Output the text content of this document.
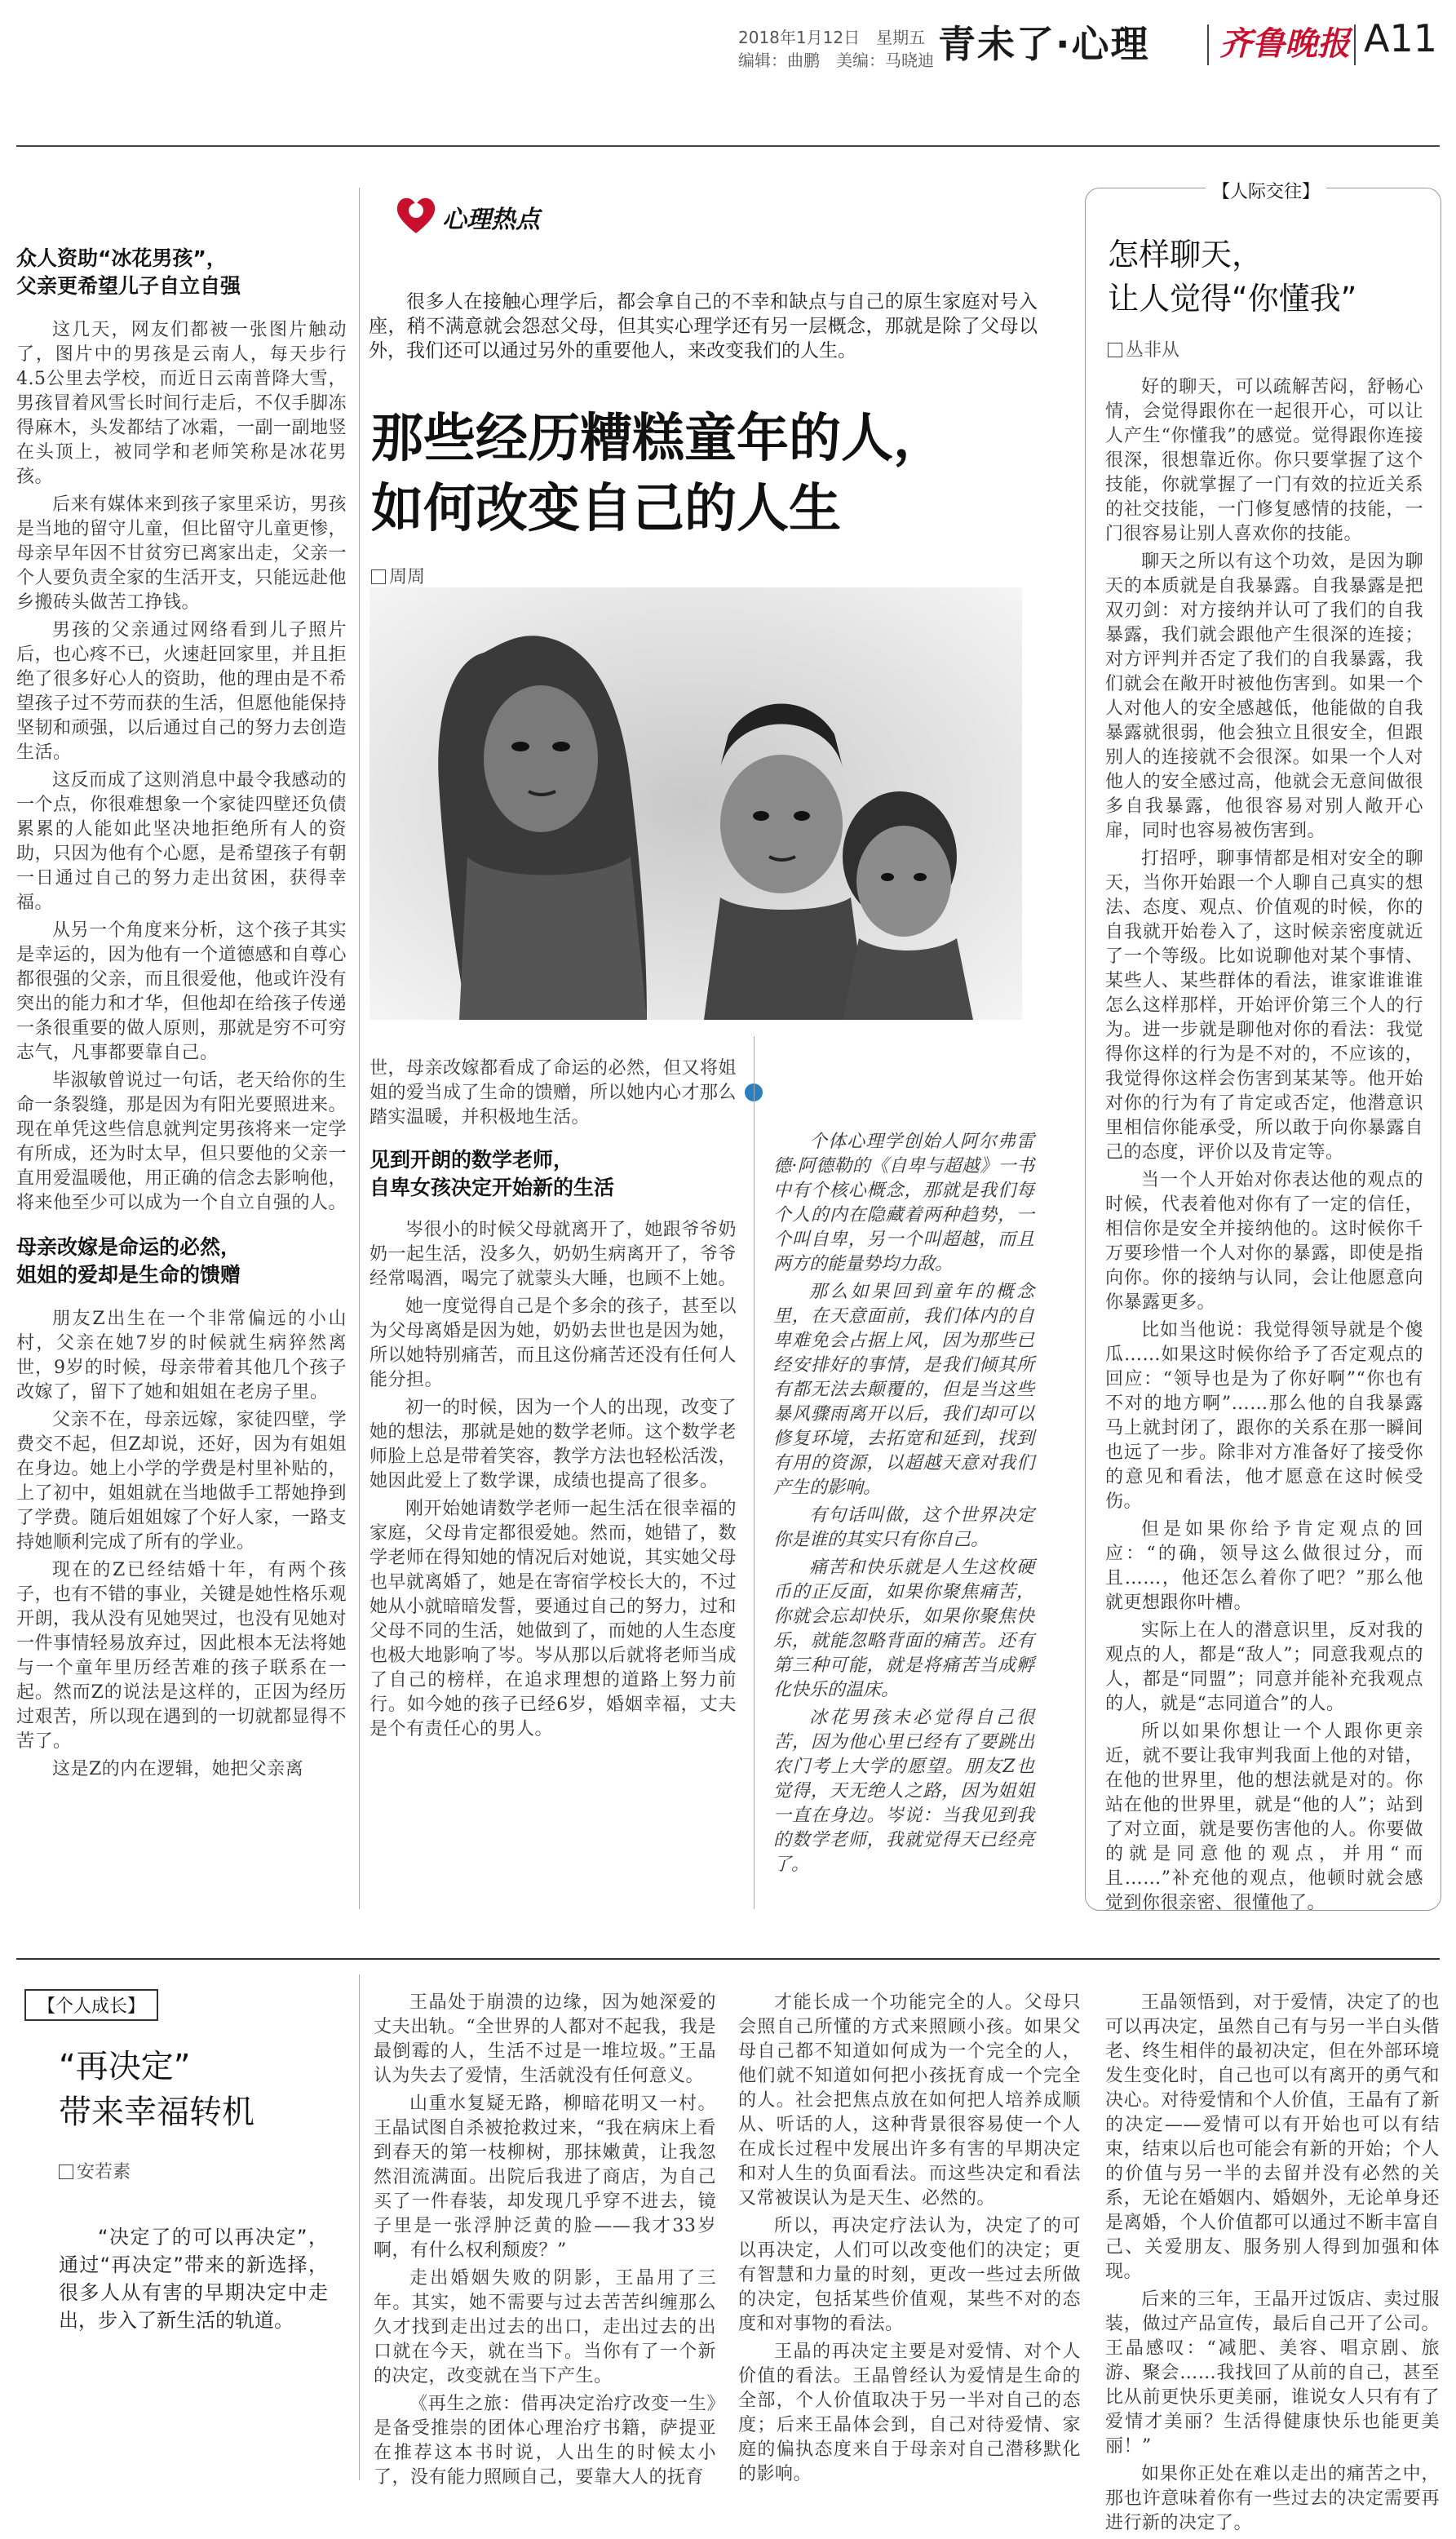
2018年1月12日　星期五
编辑：曲鹏　美编：马晓迪 青未了·心理 齐鲁晚报 A11
众人资助“冰花男孩”，
父亲更希望儿子自立自强

这几天，网友们都被一张图片触动了，图片中的男孩是云南人，每天步行4.5公里去学校，而近日云南普降大雪，男孩冒着风雪长时间行走后，不仅手脚冻得麻木，头发都结了冰霜，一副一副地竖在头顶上，被同学和老师笑称是冰花男孩。

后来有媒体来到孩子家里采访，男孩是当地的留守儿童，但比留守儿童更惨，母亲早年因不甘贫穷已离家出走，父亲一个人要负责全家的生活开支，只能远赴他乡搬砖头做苦工挣钱。

男孩的父亲通过网络看到儿子照片后，也心疼不已，火速赶回家里，并且拒绝了很多好心人的资助，他的理由是不希望孩子过不劳而获的生活，但愿他能保持坚韧和顽强，以后通过自己的努力去创造生活。

这反而成了这则消息中最令我感动的一个点，你很难想象一个家徒四壁还负债累累的人能如此坚决地拒绝所有人的资助，只因为他有个心愿，是希望孩子有朝一日通过自己的努力走出贫困，获得幸福。

从另一个角度来分析，这个孩子其实是幸运的，因为他有一个道德感和自尊心都很强的父亲，而且很爱他，他或许没有突出的能力和才华，但他却在给孩子传递一条很重要的做人原则，那就是穷不可穷志气，凡事都要靠自己。

毕淑敏曾说过一句话，老天给你的生命一条裂缝，那是因为有阳光要照进来。现在单凭这些信息就判定男孩将来一定学有所成，还为时太早，但只要他的父亲一直用爱温暖他，用正确的信念去影响他，将来他至少可以成为一个自立自强的人。

母亲改嫁是命运的必然，
姐姐的爱却是生命的馈赠

朋友Z出生在一个非常偏远的小山村，父亲在她7岁的时候就生病猝然离世，9岁的时候，母亲带着其他几个孩子改嫁了，留下了她和姐姐在老房子里。

父亲不在，母亲远嫁，家徒四壁，学费交不起，但Z却说，还好，因为有姐姐在身边。她上小学的学费是村里补贴的，上了初中，姐姐就在当地做手工帮她挣到了学费。随后姐姐嫁了个好人家，一路支持她顺利完成了所有的学业。

现在的Z已经结婚十年，有两个孩子，也有不错的事业，关键是她性格乐观开朗，我从没有见她哭过，也没有见她对一件事情轻易放弃过，因此根本无法将她与一个童年里历经苦难的孩子联系在一起。然而Z的说法是这样的，正因为经历过艰苦，所以现在遇到的一切就都显得不苦了。

这是Z的内在逻辑，她把父亲离

心理热点
很多人在接触心理学后，都会拿自己的不幸和缺点与自己的原生家庭对号入座，稍不满意就会怨怼父母，但其实心理学还有另一层概念，那就是除了父母以外，我们还可以通过另外的重要他人，来改变我们的人生。
那些经历糟糕童年的人，
如何改变自己的人生
周周
世，母亲改嫁都看成了命运的必然，但又将姐姐的爱当成了生命的馈赠，所以她内心才那么踏实温暖，并积极地生活。
见到开朗的数学老师，
自卑女孩决定开始新的生活

岑很小的时候父母就离开了，她跟爷爷奶奶一起生活，没多久，奶奶生病离开了，爷爷经常喝酒，喝完了就蒙头大睡，也顾不上她。

她一度觉得自己是个多余的孩子，甚至以为父母离婚是因为她，奶奶去世也是因为她，所以她特别痛苦，而且这份痛苦还没有任何人能分担。

初一的时候，因为一个人的出现，改变了她的想法，那就是她的数学老师。这个数学老师脸上总是带着笑容，教学方法也轻松活泼，她因此爱上了数学课，成绩也提高了很多。

刚开始她请数学老师一起生活在很幸福的家庭，父母肯定都很爱她。然而，她错了，数学老师在得知她的情况后对她说，其实她父母也早就离婚了，她是在寄宿学校长大的，不过她从小就暗暗发誓，要通过自己的努力，过和父母不同的生活，她做到了，而她的人生态度也极大地影响了岑。岑从那以后就将老师当成了自己的榜样，在追求理想的道路上努力前行。如今她的孩子已经6岁，婚姻幸福，丈夫是个有责任心的男人。

个体心理学创始人阿尔弗雷德·阿德勒的《自卑与超越》一书中有个核心概念，那就是我们每个人的内在隐藏着两种趋势，一个叫自卑，另一个叫超越，而且两方的能量势均力敌。

那么如果回到童年的概念里，在天意面前，我们体内的自卑难免会占据上风，因为那些已经安排好的事情，是我们倾其所有都无法去颠覆的，但是当这些暴风骤雨离开以后，我们却可以修复环境，去拓宽和延到，找到有用的资源，以超越天意对我们产生的影响。

有句话叫做，这个世界决定你是谁的其实只有你自己。

痛苦和快乐就是人生这枚硬币的正反面，如果你聚焦痛苦，你就会忘却快乐，如果你聚焦快乐，就能忽略背面的痛苦。还有第三种可能，就是将痛苦当成孵化快乐的温床。

冰花男孩未必觉得自己很苦，因为他心里已经有了要跳出农门考上大学的愿望。朋友Z也觉得，天无绝人之路，因为姐姐一直在身边。岑说：当我见到我的数学老师，我就觉得天已经亮了。

【人际交往】
怎样聊天，
让人觉得“你懂我”
丛非从

好的聊天，可以疏解苦闷，舒畅心情，会觉得跟你在一起很开心，可以让人产生“你懂我”的感觉。觉得跟你连接很深，很想靠近你。你只要掌握了这个技能，你就掌握了一门有效的拉近关系的社交技能，一门修复感情的技能，一门很容易让别人喜欢你的技能。

聊天之所以有这个功效，是因为聊天的本质就是自我暴露。自我暴露是把双刃剑：对方接纳并认可了我们的自我暴露，我们就会跟他产生很深的连接；对方评判并否定了我们的自我暴露，我们就会在敞开时被他伤害到。如果一个人对他人的安全感越低，他能做的自我暴露就很弱，他会独立且很安全，但跟别人的连接就不会很深。如果一个人对他人的安全感过高，他就会无意间做很多自我暴露，他很容易对别人敞开心扉，同时也容易被伤害到。

打招呼，聊事情都是相对安全的聊天，当你开始跟一个人聊自己真实的想法、态度、观点、价值观的时候，你的自我就开始卷入了，这时候亲密度就近了一个等级。比如说聊他对某个事情、某些人、某些群体的看法，谁家谁谁谁怎么这样那样，开始评价第三个人的行为。进一步就是聊他对你的看法：我觉得你这样的行为是不对的，不应该的，我觉得你这样会伤害到某某等。他开始对你的行为有了肯定或否定，他潜意识里相信你能承受，所以敢于向你暴露自己的态度，评价以及肯定等。

当一个人开始对你表达他的观点的时候，代表着他对你有了一定的信任，相信你是安全并接纳他的。这时候你千万要珍惜一个人对你的暴露，即使是指向你。你的接纳与认同，会让他愿意向你暴露更多。

比如当他说：我觉得领导就是个傻瓜……如果这时候你给予了否定观点的回应：“领导也是为了你好啊”“你也有不对的地方啊”……那么他的自我暴露马上就封闭了，跟你的关系在那一瞬间也远了一步。除非对方准备好了接受你的意见和看法，他才愿意在这时候受伤。

但是如果你给予肯定观点的回应：“的确，领导这么做很过分，而且……，他还怎么着你了吧？”那么他就更想跟你叶槽。

实际上在人的潜意识里，反对我的观点的人，都是“敌人”；同意我观点的人，都是“同盟”；同意并能补充我观点的人，就是“志同道合”的人。

所以如果你想让一个人跟你更亲近，就不要让我审判我面上他的对错，在他的世界里，他的想法就是对的。你站在他的世界里，就是“他的人”；站到了对立面，就是要伤害他的人。你要做的就是同意他的观点，并用“而且……”补充他的观点，他顿时就会感觉到你很亲密、很懂他了。

【个人成长】
“再决定”
带来幸福转机
安若素
“决定了的可以再决定”，通过“再决定”带来的新选择，很多人从有害的早期决定中走出，步入了新生活的轨道。

王晶处于崩溃的边缘，因为她深爱的丈夫出轨。“全世界的人都对不起我，我是最倒霉的人，生活不过是一堆垃圾。”王晶认为失去了爱情，生活就没有任何意义。

山重水复疑无路，柳暗花明又一村。王晶试图自杀被抢救过来，“我在病床上看到春天的第一枝柳树，那抹嫩黄，让我忽然泪流满面。出院后我进了商店，为自己买了一件春装，却发现几乎穿不进去，镜子里是一张浮肿泛黄的脸——我才33岁啊，有什么权利颓废？”

走出婚姻失败的阴影，王晶用了三年。其实，她不需要与过去苦苦纠缠那么久才找到走出过去的出口，走出过去的出口就在今天，就在当下。当你有了一个新的决定，改变就在当下产生。

《再生之旅：借再决定治疗改变一生》是备受推崇的团体心理治疗书籍，萨提亚在推荐这本书时说，人出生的时候太小了，没有能力照顾自己，要靠大人的抚育

才能长成一个功能完全的人。父母只会照自己所懂的方式来照顾小孩。如果父母自己都不知道如何成为一个完全的人，他们就不知道如何把小孩抚育成一个完全的人。社会把焦点放在如何把人培养成顺从、听话的人，这种背景很容易使一个人在成长过程中发展出许多有害的早期决定和对人生的负面看法。而这些决定和看法又常被误认为是天生、必然的。

所以，再决定疗法认为，决定了的可以再决定，人们可以改变他们的决定；更有智慧和力量的时刻，更改一些过去所做的决定，包括某些价值观，某些不对的态度和对事物的看法。

王晶的再决定主要是对爱情、对个人价值的看法。王晶曾经认为爱情是生命的全部，个人价值取决于另一半对自己的态度；后来王晶体会到，自己对待爱情、家庭的偏执态度来自于母亲对自己潜移默化的影响。

王晶领悟到，对于爱情，决定了的也可以再决定，虽然自己有与另一半白头偕老、终生相伴的最初决定，但在外部环境发生变化时，自己也可以有离开的勇气和决心。对待爱情和个人价值，王晶有了新的决定——爱情可以有开始也可以有结束，结束以后也可能会有新的开始；个人的价值与另一半的去留并没有必然的关系，无论在婚姻内、婚姻外，无论单身还是离婚，个人价值都可以通过不断丰富自己、关爱朋友、服务别人得到加强和体现。

后来的三年，王晶开过饭店、卖过服装，做过产品宣传，最后自己开了公司。王晶感叹：“减肥、美容、唱京剧、旅游、聚会……我找回了从前的自己，甚至比从前更快乐更美丽，谁说女人只有有了爱情才美丽？生活得健康快乐也能更美丽！”

如果你正处在难以走出的痛苦之中，那也许意味着你有一些过去的决定需要再进行新的决定了。
